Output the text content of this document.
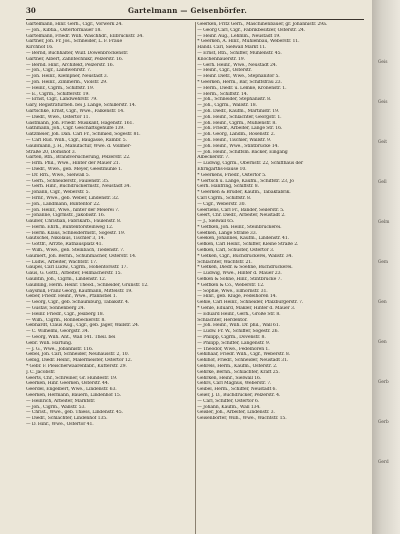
30	Gartelmann — Geisenbörfer.
Gartelmann, Hinr. Gerh., Cigr., Vorwerk 24.
— Joh., Kibtia., Ostertormauer 18.
Gartelmann, Friedr. Wilh. Wäschhdr., Ellbrückstr. 34.
Gärtner, Joh. Fr. Jos., Schneider, L. F. Fraue
Kirchhof 16.
— Bernd, Buchhalter, Wulf. Dowenbröckenstr.
Gartner, Albert, Zahntechnikr, Pelzerstr. 16.
— Bernd. Hinr., Architekt, Pelzerstr. 16.
— Joh., Cigr., Landwehrstr. 7.
— Joh. Heinr., Klempner, Neustadt 3.
— Joh. Heinr., Zimmerm., Violstr. 29.
— Heinr., Cigrm., Schiffstr. 19.
— E., Cigrm., Schifferstr. 19.
— Ernst, Cigr., Landwehrstr. 79.
Gary, Registraturbeh. bei J. Lange, Schillerstr. 14.
Gartschke, Ernst, Cigr., Wwe., Falkenstr. 14.
— Diedr., Wwe., Ostertor 11.
Gastmann, Joh. Friedr. Musikant, Hagenstr. 161.
Gathmann, Joh., Cigr. Geschäftsgehülfe 139.
Gatzmeier, Joh. Dan. Carl Fr., Schmied, Sögestr. 81.
— Carl Rud. Wilh., Cigr., Baugasse, Rambr. 5.
Gaußmann, J. H., Manufactur, Wwe. d. Vollmer-
Straße 20, Domshof 3.
Gärten, Rtn., Brandversicherung, Pelzerstr. 22.
— Hrm. Phil., Wwe., Hinter der Mauer 21.
— Diedr., Wwe., geb. Meyer, Geestmühle 1.
— Dr. Rrn., Wwe., Sielwall 5.
— Gerh., Schneiderstr., Faulenstr. 35.
— Gerh. Hinr., Buchdruckermstr., Neustadt 34.
— Johann, Cigr., Weberstr. 5.
— Hrnr., Wwe., geb. Weber, Lindenstr. 32.
— Joh., Landmann, Buntentor 22.
— Joh. Heinr., Wwe., hinter der Meierei 7.
— Johanne, Cigrmstr., Jakobistr. 16.
Gaußer, Christian, Fabrikarb., Faulenstr. 8.
— Herm. Ehrh., Buntentorsteinweg 12.
— Herm. Klaus, Schneidermstr., Sögestr. 19.
Gautschel, Nikolaus, Tischler 3, 14.
— Gottfr., Ärrzte, Rathausplatz 41.
— Wilh., Wwe., geb. Steinbach, Tiedenstr. 7.
Gaumert, Joh. Bernh., Schuhmacher, Osterstr. 14.
— Ludw., Arbeiter, Wachtstr. 17.
Gaupel, Carl Ludw., Cigrm., Hohentorsstr. 17.
Gaus, G. Gottl., Arbeiter, Fellmacherstr. 15.
Gaußfin, Joh., Cigrm., Lindenstr. 12.
Gaußling, Herm. Heinr. Theod., Schneider, Grünstr. 12.
Gaysmill, Franz Georg, Kaufmann, Mittelstr. 19.
Geber, Friedr. Heinr., Wwe., Pfannstiel 1.
— Georg, Cigr., geb. Schaumburg, Tabakstr. 4.
— Gustav, Sonnenberg 24.
— Heinr. Friedr., Cigr., Jesiberg 18.
— Wilh., Cigrm., Rönnebeckerstr. 8.
Gebhardt, Claus Aug., Cigr., geb. Jäger, Wallstr. 24.
— C. Wilhelmi, Georgstr. 34.
— Georg, Wilh. Ant., Wall 141. Theil. bei
Gebr. Wilh. Hartung.
— J. G., Wwe., Jobannistr. 116.
Gebel, Joh. Carl, Schneider, Neuhausstr. 2, 10.
Gebig, Diedr. Heinr., Malermeister, Ostertor 12.
* Gebr. F. Pleischerwaarenfabr., Kutterstr. 29.
J. C. Jacobstr.
Geerts, Chr., Schreiner, Gr. Hundestr. 19.
Geerken, Hinr. Geerken, Osterstr. 44.
Geerdel, Engelbert, Wwe., Lindenstr. 63.
Geerken, Hermann, Bauern, Lindenhof 15.
— Heinrich, Arbeiter, Marktstr.
— Joh., Cigrm., Wallstr. 53.
— Christ., Wwe., geb. Thiess, Lindenstr. 45.
— Diedr., Schlachter, Lindenhof 135.
— D. Hinr., Wwe., Ostertor 41.
Geerken, Fritz Gerh., Maschinenbauer, gr. Johannistr. 29a.
— Georg Carl, Cigr., Fabrikbesitzer, Osterstr. 24.
— Heinr. Aug., Lehmm., Neustadt 19.
* Geerken, A. Hinr., Mühlenbau, Weberstr. 11.
Handl. Carl, Sielwall Markt 11.
— Ernst, Rtn., Schiffer, Mühlenstr. 45.
Knochenhauerstr. 19.
— Gerh. Heinr., Wwe., Neustadt 24.
— Heinr., Cigr., Osterstr.
— Heinr. Dietr., Wwe., Stephanitor 5.
* Geerken, Herm., Bär, Schiffsfrau 23.
— Herm., Diedr. u. Lemke, Kronenstr. 1.
— Herm., Schiffstr. 14.
— Joh., Schneider, Stephanistr. 8.
— Joh., Cigrm., Wallstr. 18.
— Joh. Diedr., Kaufm., Martinistr. 19.
— Joh. Heinr., Schlachter, Georgstr. 1.
— Joh. Heinr., Cigrm., Mühlenstr. 8.
— Joh. Friedr., Arbeiter, Lange Str. 16.
— Joh. Georg, Landm., Rosenstr. 2.
— Joh. Heinr., Tischler, Wallstr. 9.
— Joh. Heinr., Wwe., Stintbrücke 14.
— Joh. Heinr., Schiffsm. Bäcker, Eingang
Albeckerstr. 7.
— Ludwig, Cigrm., Obernstr. 22, Schiffhaus der
Ehrngarths-Hause 10.
* Geerkens, Friedr., Ostertor 5.
* Gertsch u. Lange, Kaufm., Schiffstr. 23, Jo
Gerh. Hanfring, Schiffstr. 8.
* Geerken & Bruder, Kaufm., Tabakfabrik.
Carl Cigrm., Schiffstr. 8.
— Cigr., Weberstr. 30.
Geerliens, Carl Fr., Bänder, Seilerstr. 5.
Geert, Chr. Diedr., Arbeiter, Neustadt 2.
— J., Sielwall 65.
* Geffken, Joh. Heinr., Steinbrückerei.
Geefken, Lange Straße 33.
Geeken, Johannes, Kaufm., Lindenstr. 41.
Gefken, Carl Heinr., Schiffer, Kleine Straße 2.
Gefken, Carl, Schuster, Ostertor 3.
* Gefken, Cigr., Buchdruckerei, Wallstr. 34.
Schlachter, Wachtstr. 21.
* Gefken, Diedr. & Soehne, Buchdruckerei.
— Ludwig, Wwe., Hinter d. Mauer 23.
Gefken & Söhne, Hinr., Stintbrücke 7.
* Geffken & Co., Weberstr. 12.
— Sophie, Wwe., Ellhornstr. 31.
— Hinr., geb. Kluge, Fedelhören 14.
Gehle, Carl Heinr., Schneider, Pfalzburgerstr. 7.
* Gehle, Eduard, Makler, Hinter d. Mauer 3.
— Eduard Heinr., Gerh., Große Str. 8.
Schlachter, Herdentor.
— Joh. Heinr., Wilh. Dr. phil., Wall 61.
— Ludw. Fr. W., Schiffer, Sögestr. 26.
— Philipp, Cigrm., Dovenstr. 8.
— Philipp, Schiffer, Langenstr. 9.
— Theodor, Wwe., Fedelhören 1.
Gehlhaar, Friedr. Wilh., Cigr., Weberstr. 8.
Gehlhof, Friedr., Schneider, Neustadt 31.
Gehrels, Herm., Kaufm., Osterstr. 2.
Gehrke, Bernh., Schlachter, Kraft 25.
Gehrken, Heinr., Sielwall 16.
Gehrs, Carl Magnus, Weberstr. 7.
Geibel, Herm., Schiffer, Neustadt 6.
Geier, J. D., Buchdrucker, Pelzerstr. 4.
— Carl, Schiffer, Ostertor 6.
— Johann, Kaufm., Wall 134.
Geisler, Joh., Arbeiter, Lindenstr. 3.
Geisenbörfer, Wilh., Wwe., Wachtstr. 15.
Geis
Geis
Geit
Gell
Gelm
Gem
Gen
Gen
Gerb
Gerb
Gerd
